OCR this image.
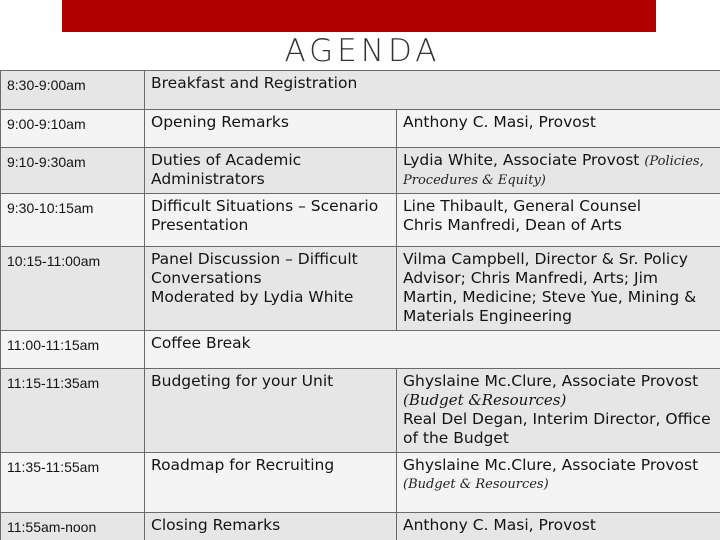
AGENDA
8:30-9:00am	Breakfast and Registration	

9:00-9:10am	Opening Remarks	Anthony C. Masi, Provost

9:10-9:30am	Duties of Academic Administrators	Lydia White, Associate Provost (Policies,
Procedures & Equity)

9:30-10:15am	Difficult Situations – Scenario Presentation	Line Thibault, General Counsel
Chris Manfredi, Dean of Arts

10:15-11:00am	Panel Discussion – Difficult Conversations
Moderated by Lydia White	Vilma Campbell, Director & Sr. Policy Advisor; Chris Manfredi, Arts; Jim Martin, Medicine; Steve Yue, Mining & Materials Engineering

11:00-11:15am	Coffee Break	

11:15-11:35am	Budgeting for your Unit	Ghyslaine Mc.Clure, Associate Provost
(Budget &Resources)
Real Del Degan, Interim Director, Office of the Budget

11:35-11:55am	Roadmap for Recruiting	Ghyslaine Mc.Clure, Associate Provost
(Budget & Resources)

11:55am-noon	Closing Remarks	Anthony C. Masi, Provost
